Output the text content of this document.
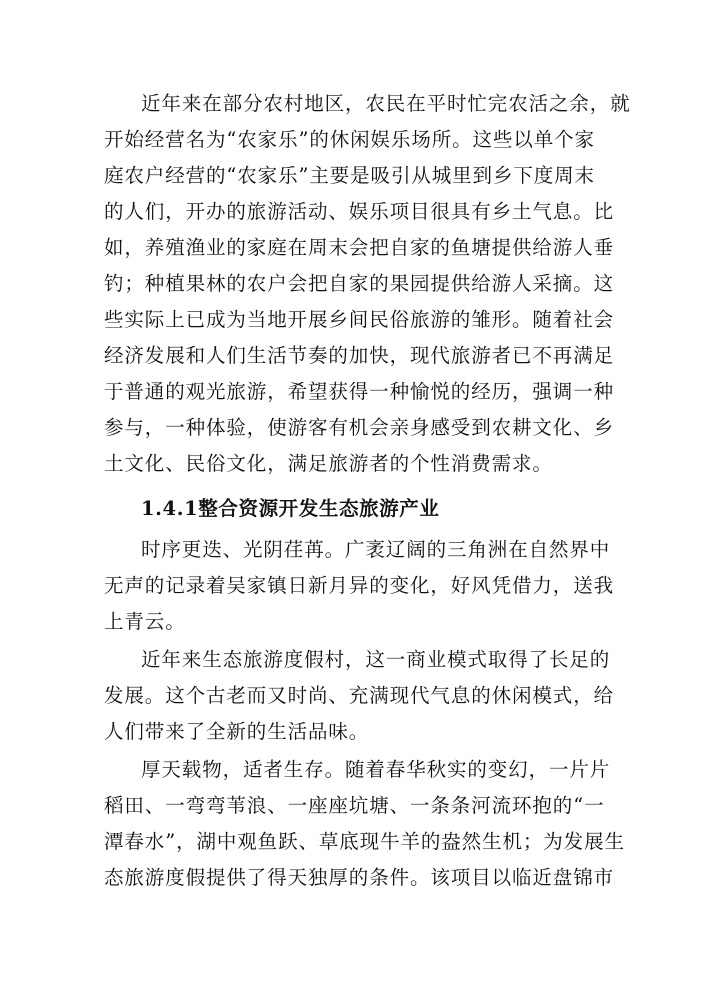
近年来在部分农村地区，农民在平时忙完农活之余，就
开始经营名为“农家乐”的休闲娱乐场所。这些以单个家
庭农户经营的“农家乐”主要是吸引从城里到乡下度周末
的人们，开办的旅游活动、娱乐项目很具有乡土气息。比
如，养殖渔业的家庭在周末会把自家的鱼塘提供给游人垂
钓；种植果林的农户会把自家的果园提供给游人采摘。这
些实际上已成为当地开展乡间民俗旅游的雏形。随着社会
经济发展和人们生活节奏的加快，现代旅游者已不再满足
于普通的观光旅游，希望获得一种愉悦的经历，强调一种
参与，一种体验，使游客有机会亲身感受到农耕文化、乡
土文化、民俗文化，满足旅游者的个性消费需求。
1.4.1整合资源开发生态旅游产业
时序更迭、光阴荏苒。广袤辽阔的三角洲在自然界中
无声的记录着吴家镇日新月异的变化，好风凭借力，送我
上青云。
近年来生态旅游度假村，这一商业模式取得了长足的
发展。这个古老而又时尚、充满现代气息的休闲模式，给
人们带来了全新的生活品味。
厚天载物，适者生存。随着春华秋实的变幻，一片片
稻田、一弯弯苇浪、一座座坑塘、一条条河流环抱的“一
潭春水”，湖中观鱼跃、草底现牛羊的盎然生机；为发展生
态旅游度假提供了得天独厚的条件。该项目以临近盘锦市
